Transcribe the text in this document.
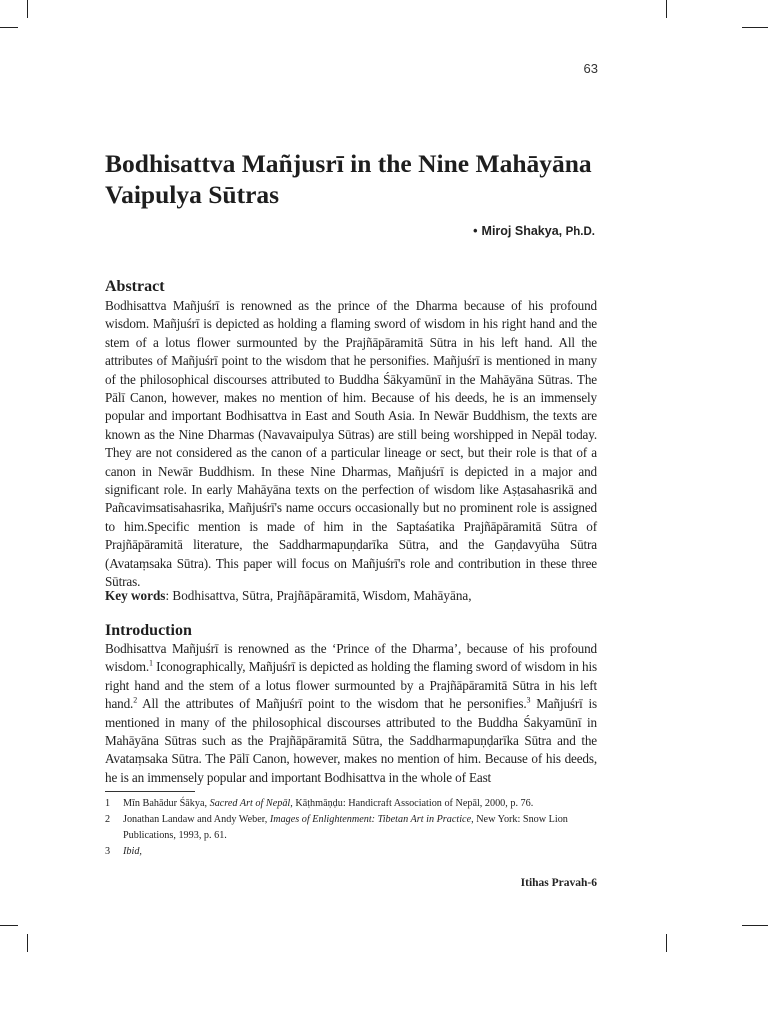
63
Bodhisattva Mañjusrī in the Nine Mahāyāna Vaipulya Sūtras
• Miroj Shakya, Ph.D.
Abstract

Bodhisattva Mañjuśrī is renowned as the prince of the Dharma because of his profound wisdom. Mañjuśrī is depicted as holding a flaming sword of wisdom in his right hand and the stem of a lotus flower surmounted by the Prajñāpāramitā Sūtra in his left hand. All the attributes of Mañjuśrī point to the wisdom that he personifies. Mañjuśrī is mentioned in many of the philosophical discourses attributed to Buddha Śākyamūnī in the Mahāyāna Sūtras. The Pālī Canon, however, makes no mention of him. Because of his deeds, he is an immensely popular and important Bodhisattva in East and South Asia. In Newār Buddhism, the texts are known as the Nine Dharmas (Navavaipulya Sūtras) are still being worshipped in Nepāl today. They are not considered as the canon of a particular lineage or sect, but their role is that of a canon in Newār Buddhism. In these Nine Dharmas, Mañjuśrī is depicted in a major and significant role. In early Mahāyāna texts on the perfection of wisdom like Aṣṭasahasrikā and Pañcavimsatisahasrika, Mañjuśrī's name occurs occasionally but no prominent role is assigned to him.Specific mention is made of him in the Saptaśatika Prajñāpāramitā Sūtra of Prajñāpāramitā literature, the Saddharmapuṇḍarīka Sūtra, and the Gaṇḍavyūha Sūtra (Avataṃsaka Sūtra). This paper will focus on Mañjuśrī's role and contribution in these three Sūtras.

Key words: Bodhisattva, Sūtra, Prajñāpāramitā, Wisdom, Mahāyāna,
Introduction

Bodhisattva Mañjuśrī is renowned as the ‘Prince of the Dharma’, because of his profound wisdom.$^1$ Iconographically, Mañjuśrī is depicted as holding the flaming sword of wisdom in his right hand and the stem of a lotus flower surmounted by a Prajñāpāramitā Sūtra in his left hand.$^2$ All the attributes of Mañjuśrī point to the wisdom that he personifies.$^3$ Mañjuśrī is mentioned in many of the philosophical discourses attributed to the Buddha Śakyamūnī in Mahāyāna Sūtras such as the Prajñāpāramitā Sūtra, the Saddharmapuṇḍarīka Sūtra and the Avataṃsaka Sūtra. The Pālī Canon, however, makes no mention of him. Because of his deeds, he is an immensely popular and important Bodhisattva in the whole of East

1 Mīn Bahādur Śākya, Sacred Art of Nepāl, Kāṭhmāṇḍu: Handicraft Association of Nepāl, 2000, p. 76.
2 Jonathan Landaw and Andy Weber, Images of Enlightenment: Tibetan Art in Practice, New York: Snow Lion Publications, 1993, p. 61.
3 Ibid,
Itihas Pravah-6
